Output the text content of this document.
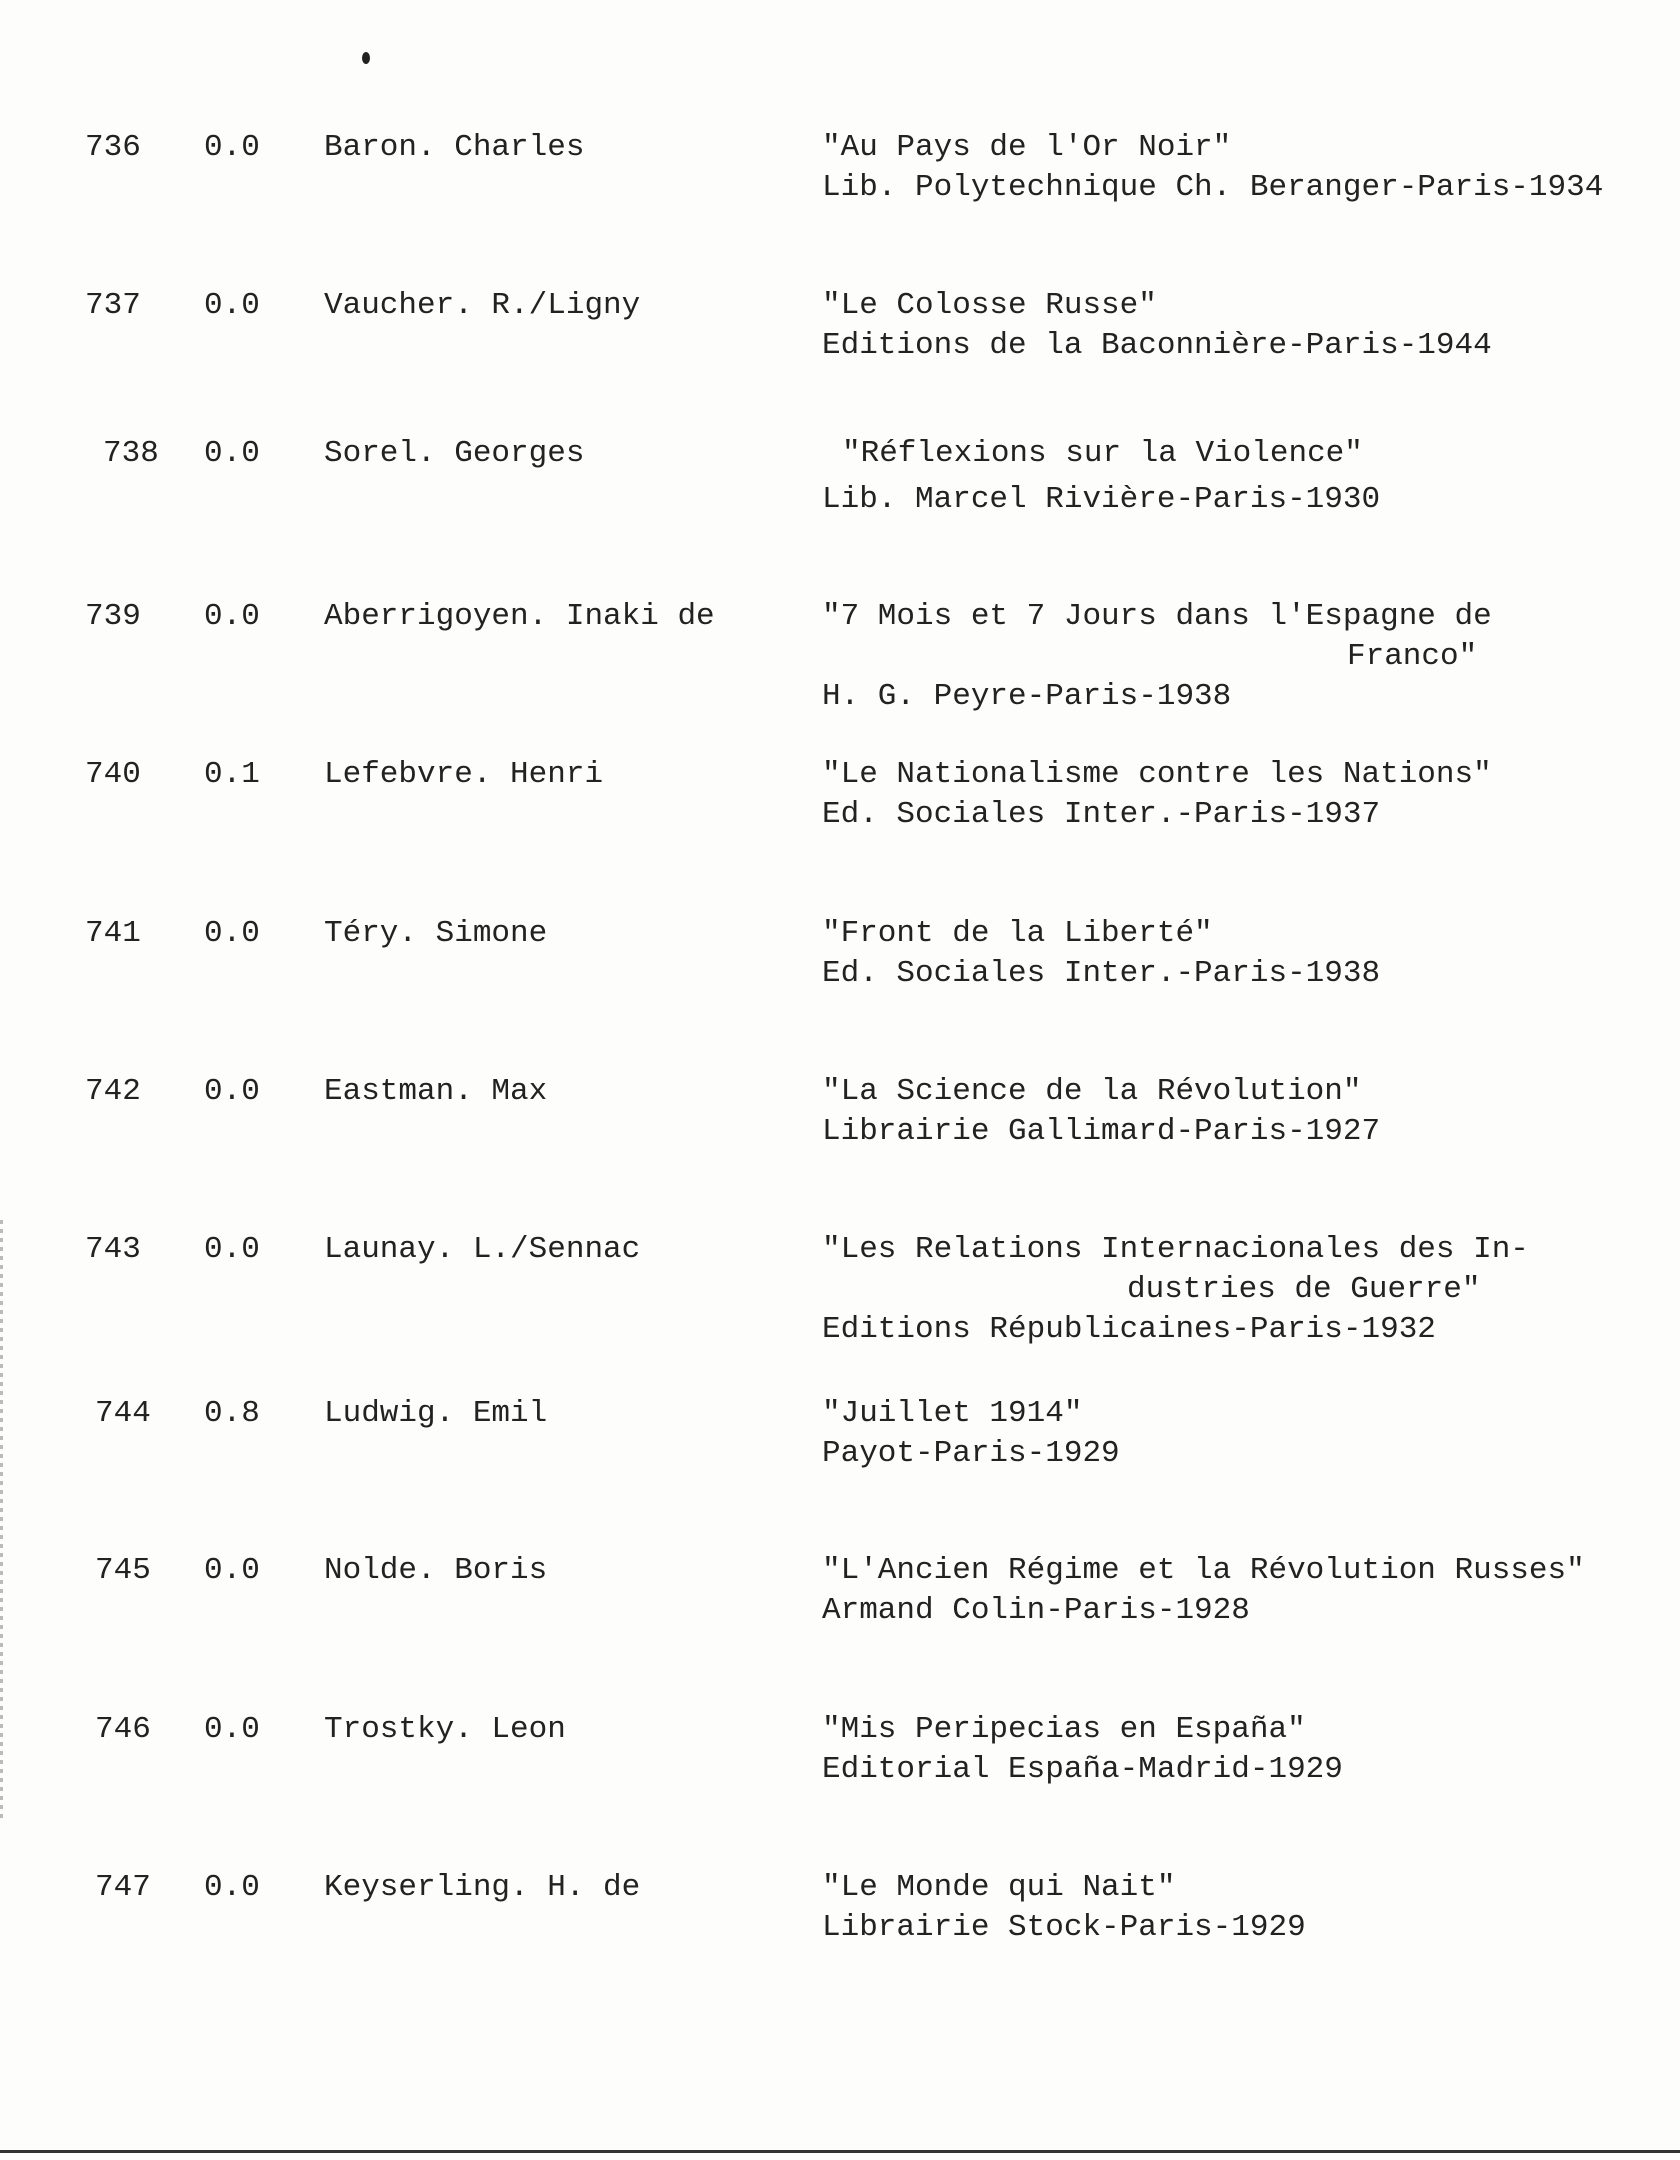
736 0.0 Baron. Charles	"Au Pays de l'Or Noir"
Lib. Polytechnique Ch. Beranger-Paris-1934
737 0.0 Vaucher. R./Ligny	"Le Colosse Russe"
Editions de la Baconnière-Paris-1944
738 0.0 Sorel. Georges	"Réflexions sur la Violence"
Lib. Marcel Rivière-Paris-1930
739 0.0 Aberrigoyen. Inaki de	"7 Mois et 7 Jours dans l'Espagne de
Franco"
H. G. Peyre-Paris-1938
740 0.1 Lefebvre. Henri	"Le Nationalisme contre les Nations"
Ed. Sociales Inter.-Paris-1937
741 0.0 Téry. Simone	"Front de la Liberté"
Ed. Sociales Inter.-Paris-1938
742 0.0 Eastman. Max	"La Science de la Révolution"
Librairie Gallimard-Paris-1927
743 0.0 Launay. L./Sennac	"Les Relations Internacionales des In-
dustries de Guerre"
Editions Républicaines-Paris-1932
744 0.8 Ludwig. Emil	"Juillet 1914"
Payot-Paris-1929
745 0.0 Nolde. Boris	"L'Ancien Régime et la Révolution Russes"
Armand Colin-Paris-1928
746 0.0 Trostky. Leon	"Mis Peripecias en España"
Editorial España-Madrid-1929
747 0.0 Keyserling. H. de	"Le Monde qui Nait"
Librairie Stock-Paris-1929
